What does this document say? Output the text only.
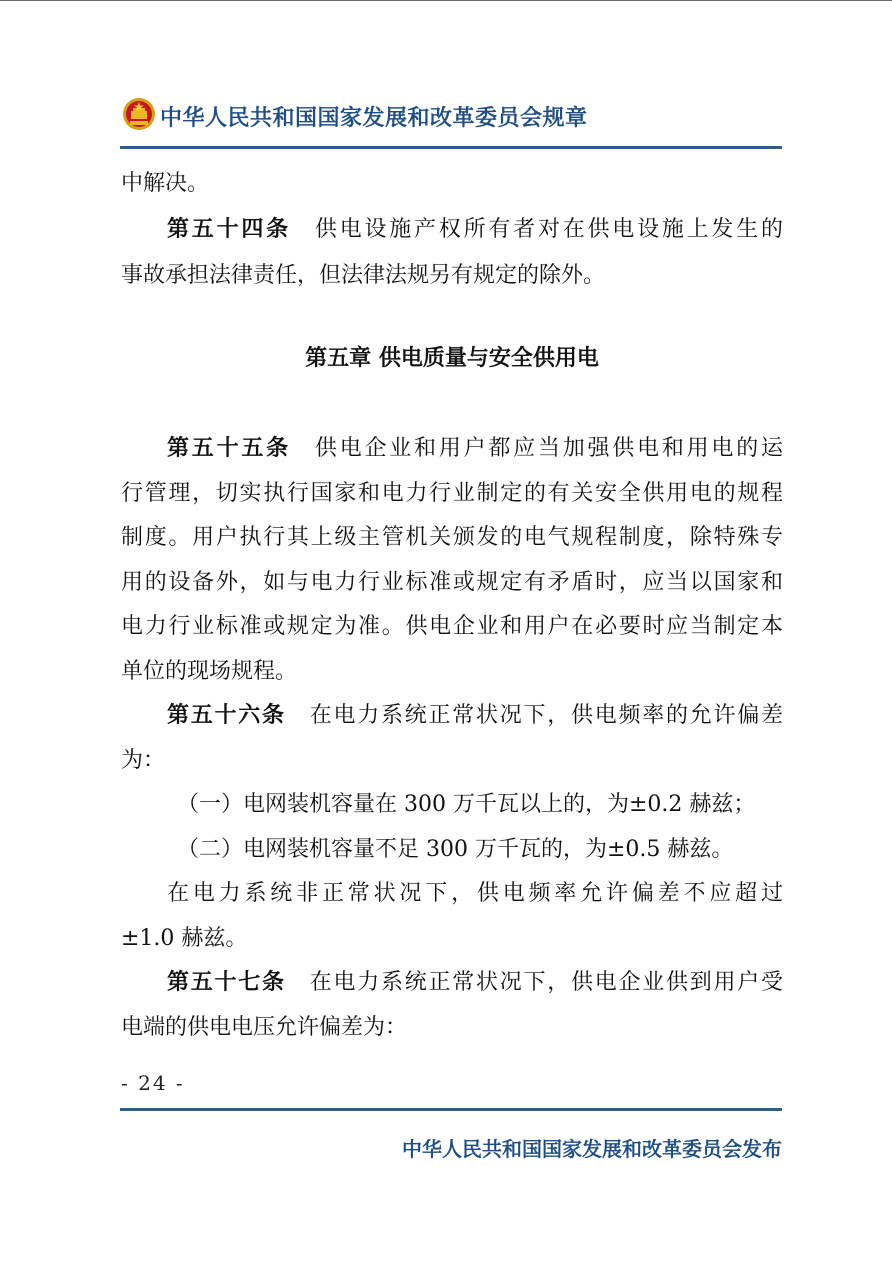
中华人民共和国国家发展和改革委员会规章
中解决。
第五十四条 供电设施产权所有者对在供电设施上发生的
事故承担法律责任，但法律法规另有规定的除外。
第五章 供电质量与安全供用电
第五十五条 供电企业和用户都应当加强供电和用电的运
行管理，切实执行国家和电力行业制定的有关安全供用电的规程
制度。用户执行其上级主管机关颁发的电气规程制度，除特殊专
用的设备外，如与电力行业标准或规定有矛盾时，应当以国家和
电力行业标准或规定为准。供电企业和用户在必要时应当制定本
单位的现场规程。
第五十六条 在电力系统正常状况下，供电频率的允许偏差
为：
（一）电网装机容量在 300 万千瓦以上的，为±0.2 赫兹；
（二）电网装机容量不足 300 万千瓦的，为±0.5 赫兹。
在电力系统非正常状况下，供电频率允许偏差不应超过
±1.0 赫兹。
第五十七条 在电力系统正常状况下，供电企业供到用户受
电端的供电电压允许偏差为：
- 24 -
中华人民共和国国家发展和改革委员会发布
